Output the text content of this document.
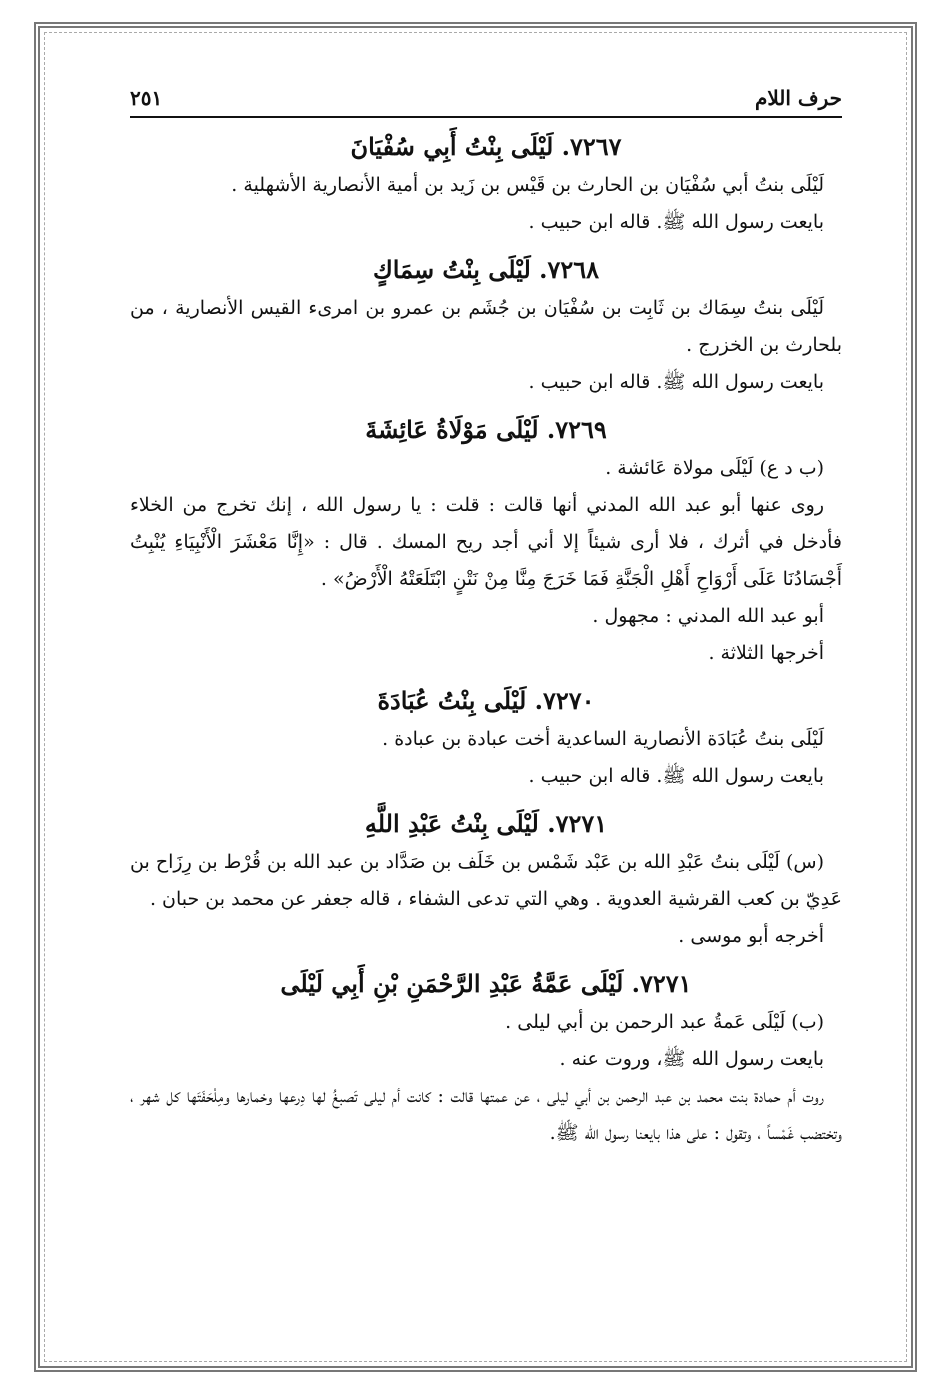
حرف اللام
٢٥١
٧٢٦٧. لَيْلَى بِنْتُ أَبِي سُفْيَانَ

لَيْلَى بنتُ أبي سُفْيَان بن الحارث بن قَيْس بن زَيد بن أمية الأنصارية الأشهلية .

بايعت رسول الله ﷺ. قاله ابن حبيب .

٧٢٦٨. لَيْلَى بِنْتُ سِمَاكٍ

لَيْلَى بنتُ سِمَاك بن ثَابِت بن سُفْيَان بن جُشَم بن عمرو بن امرىء القيس الأنصارية ، من بلحارث بن الخزرج .

بايعت رسول الله ﷺ. قاله ابن حبيب .

٧٢٦٩. لَيْلَى مَوْلَاةُ عَائِشَةَ

(ب د ع) لَيْلَى مولاة عَائشة .

روى عنها أبو عبد الله المدني أنها قالت : قلت : يا رسول الله ، إنك تخرج من الخلاء فأدخل في أثرك ، فلا أرى شيئاً إلا أني أجد ريح المسك . قال : «إِنَّا مَعْشَرَ الْأَنْبِيَاءِ يُنْبِتُ أَجْسَادُنَا عَلَى أَرْوَاحِ أَهْلِ الْجَنَّةِ فَمَا خَرَجَ مِنَّا مِنْ نَتْنٍ ابْتَلَعَتْهُ الْأَرْضُ» .

أبو عبد الله المدني : مجهول .

أخرجها الثلاثة .

٧٢٧٠. لَيْلَى بِنْتُ عُبَادَةَ

لَيْلَى بنتُ عُبَادَة الأنصارية الساعدية أخت عبادة بن عبادة .

بايعت رسول الله ﷺ. قاله ابن حبيب .

٧٢٧١. لَيْلَى بِنْتُ عَبْدِ اللَّهِ

(س) لَيْلَى بنتُ عَبْدِ الله بن عَبْد شَمْس بن خَلَف بن صَدَّاد بن عبد الله بن قُرْط بن رِزَاح بن عَدِيّ بن كعب القرشية العدوية . وهي التي تدعى الشفاء ، قاله جعفر عن محمد بن حبان .

أخرجه أبو موسى .

٧٢٧١. لَيْلَى عَمَّةُ عَبْدِ الرَّحْمَنِ بْنِ أَبِي لَيْلَى

(ب) لَيْلَى عَمةُ عبد الرحمن بن أبي ليلى .

بايعت رسول الله ﷺ، وروت عنه .

روت أم حمادة بنت محمد بن عبد الرحمن بن أبي ليلى ، عن عمتها قالت : كانت أم ليلى تَصبغُ لها دِرعها وخمارها ومِلْحَفَتَها كل شهر ، وتختضب غَمْساً ، وتقول : على هذا بايعنا رسول الله ﷺ.
